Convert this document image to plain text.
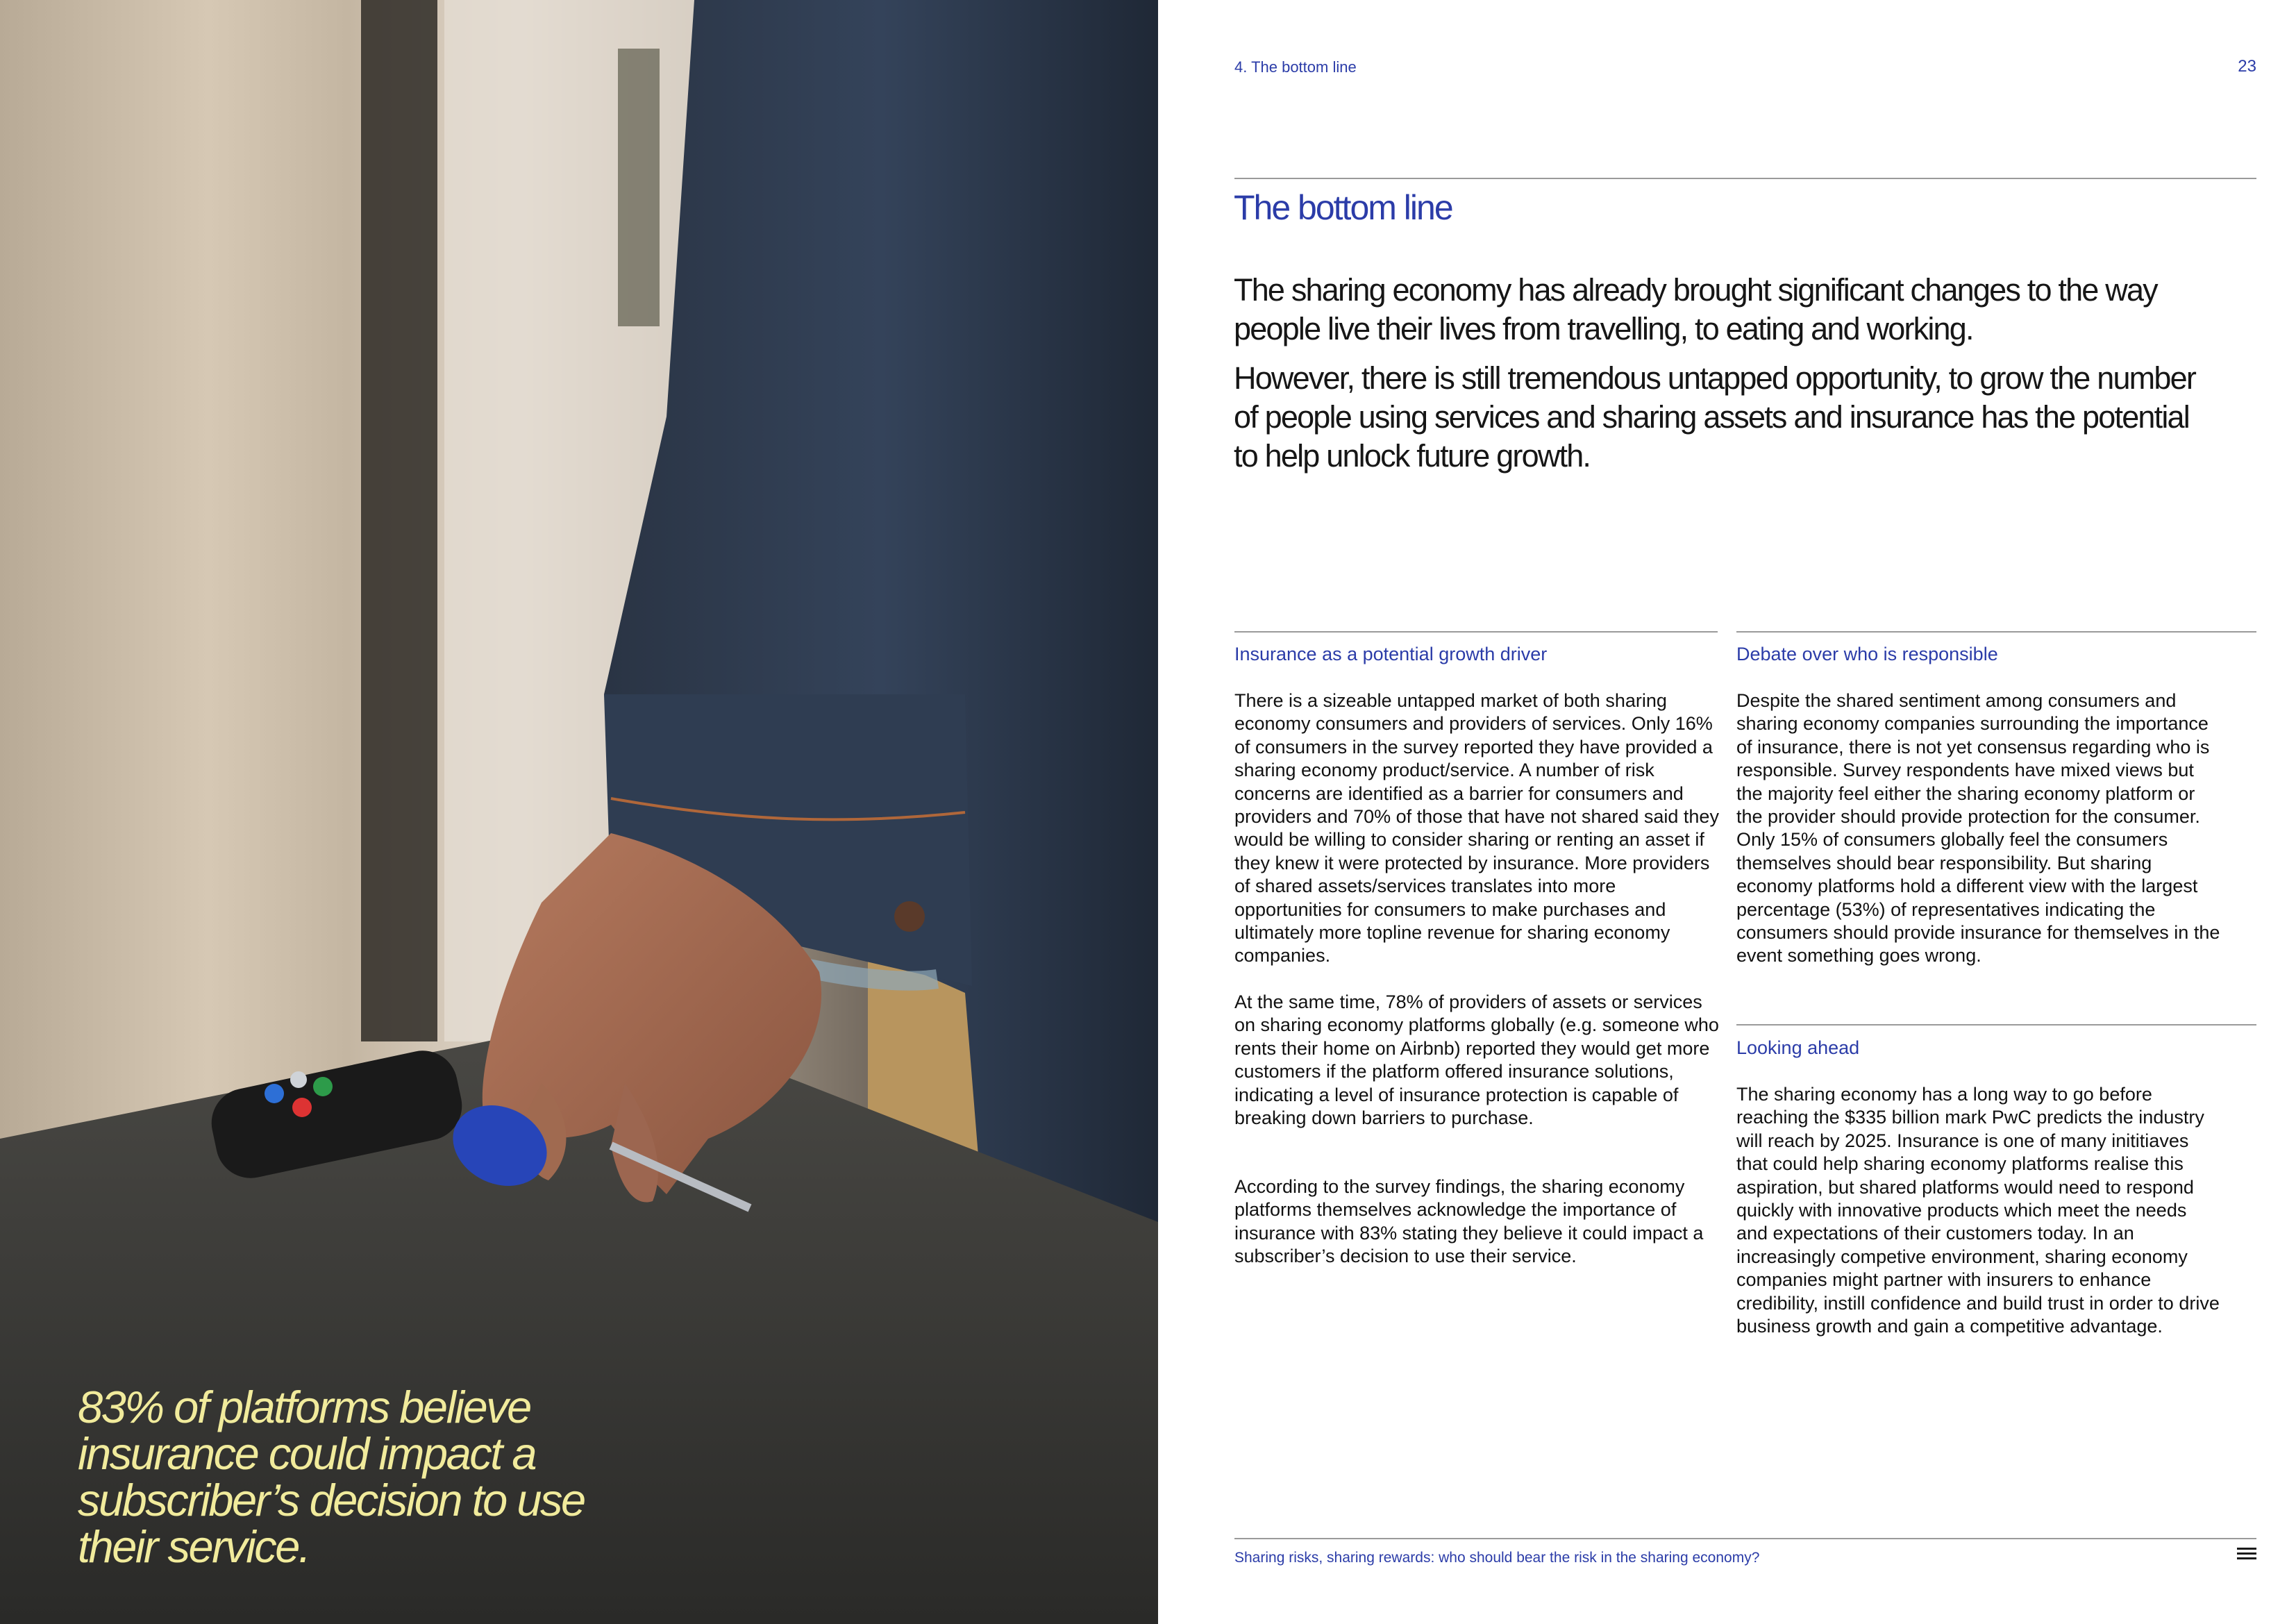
83% of platforms believe insurance could impact a subscriber’s decision to use their service.

4. The bottom line	23
The bottom line

The sharing economy has already brought significant changes to the way people live their lives from travelling, to eating and working.

However, there is still tremendous untapped opportunity, to grow the number of people using services and sharing assets and insurance has the potential to help unlock future growth.

Insurance as a potential growth driver

There is a sizeable untapped market of both sharing economy consumers and providers of services. Only 16% of consumers in the survey reported they have provided a sharing economy product/service. A number of risk concerns are identified as a barrier for consumers and providers and 70% of those that have not shared said they would be willing to consider sharing or renting an asset if they knew it were protected by insurance. More providers of shared assets/services translates into more opportunities for consumers to make purchases and ultimately more topline revenue for sharing economy companies.

At the same time, 78% of providers of assets or services on sharing economy platforms globally (e.g. someone who rents their home on Airbnb) reported they would get more customers if the platform offered insurance solutions, indicating a level of insurance protection is capable of breaking down barriers to purchase.

According to the survey findings, the sharing economy platforms themselves acknowledge the importance of insurance with 83% stating they believe it could impact a subscriber’s decision to use their service.

Debate over who is responsible

Despite the shared sentiment among consumers and sharing economy companies surrounding the importance of insurance, there is not yet consensus regarding who is responsible. Survey respondents have mixed views but the majority feel either the sharing economy platform or the provider should provide protection for the consumer. Only 15% of consumers globally feel the consumers themselves should bear responsibility. But sharing economy platforms hold a different view with the largest percentage (53%) of representatives indicating the consumers should provide insurance for themselves in the event something goes wrong.

Looking ahead

The sharing economy has a long way to go before reaching the $335 billion mark PwC predicts the industry will reach by 2025. Insurance is one of many inititiaves that could help sharing economy platforms realise this aspiration, but shared platforms would need to respond quickly with innovative products which meet the needs and expectations of their customers today. In an increasingly competive environment, sharing economy companies might partner with insurers to enhance credibility, instill confidence and build trust in order to drive business growth and gain a competitive advantage.

Sharing risks, sharing rewards: who should bear the risk in the sharing economy?
